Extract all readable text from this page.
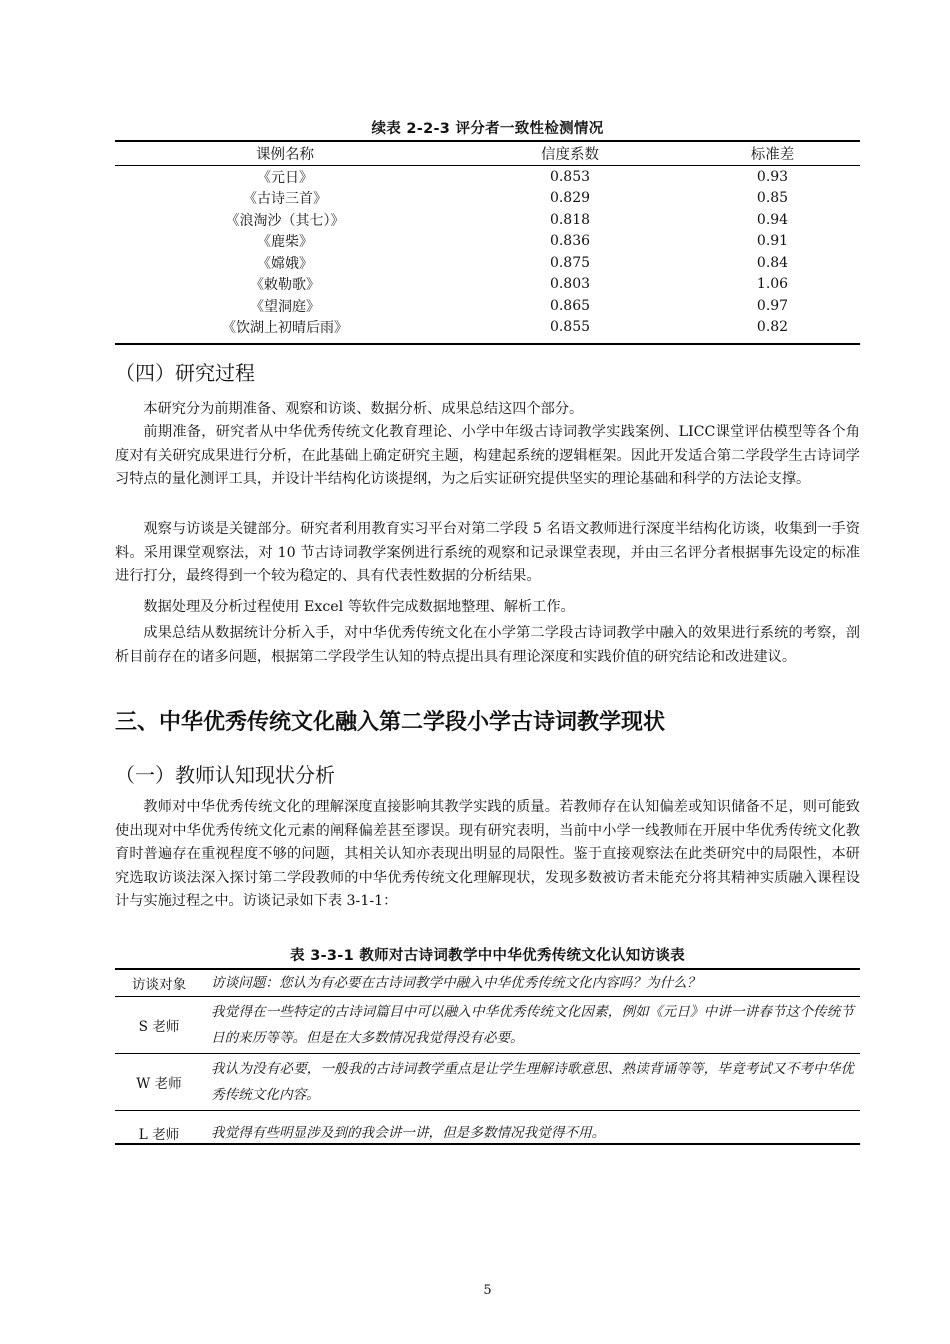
续表 2-2-3 评分者一致性检测情况
课例名称	信度系数	标准差
《元日》	0.853	0.93
《古诗三首》	0.829	0.85
《浪淘沙（其七）》	0.818	0.94
《鹿柴》	0.836	0.91
《嫦娥》	0.875	0.84
《敕勒歌》	0.803	1.06
《望洞庭》	0.865	0.97
《饮湖上初晴后雨》	0.855	0.82
（四）研究过程

本研究分为前期准备、观察和访谈、数据分析、成果总结这四个部分。

前期准备，研究者从中华优秀传统文化教育理论、小学中年级古诗词教学实践案例、LICC课堂评估模型等各个角度对有关研究成果进行分析，在此基础上确定研究主题，构建起系统的逻辑框架。因此开发适合第二学段学生古诗词学习特点的量化测评工具，并设计半结构化访谈提纲，为之后实证研究提供坚实的理论基础和科学的方法论支撑。

观察与访谈是关键部分。研究者利用教育实习平台对第二学段 5 名语文教师进行深度半结构化访谈，收集到一手资料。采用课堂观察法，对 10 节古诗词教学案例进行系统的观察和记录课堂表现，并由三名评分者根据事先设定的标准进行打分，最终得到一个较为稳定的、具有代表性数据的分析结果。

数据处理及分析过程使用 Excel 等软件完成数据地整理、解析工作。

成果总结从数据统计分析入手，对中华优秀传统文化在小学第二学段古诗词教学中融入的效果进行系统的考察，剖析目前存在的诸多问题，根据第二学段学生认知的特点提出具有理论深度和实践价值的研究结论和改进建议。

三、中华优秀传统文化融入第二学段小学古诗词教学现状
（一）教师认知现状分析

教师对中华优秀传统文化的理解深度直接影响其教学实践的质量。若教师存在认知偏差或知识储备不足，则可能致使出现对中华优秀传统文化元素的阐释偏差甚至谬误。现有研究表明，当前中小学一线教师在开展中华优秀传统文化教育时普遍存在重视程度不够的问题，其相关认知亦表现出明显的局限性。鉴于直接观察法在此类研究中的局限性，本研究选取访谈法深入探讨第二学段教师的中华优秀传统文化理解现状，发现多数被访者未能充分将其精神实质融入课程设计与实施过程之中。访谈记录如下表 3-1-1：

表 3-3-1 教师对古诗词教学中中华优秀传统文化认知访谈表
访谈对象	访谈问题：您认为有必要在古诗词教学中融入中华优秀传统文化内容吗？为什么？
S 老师	我觉得在一些特定的古诗词篇目中可以融入中华优秀传统文化因素，例如《元日》中讲一讲春节这个传统节日的来历等等。但是在大多数情况我觉得没有必要。
W 老师	我认为没有必要，一般我的古诗词教学重点是让学生理解诗歌意思、熟读背诵等等，毕竟考试又不考中华优秀传统文化内容。
L 老师	我觉得有些明显涉及到的我会讲一讲，但是多数情况我觉得不用。
5
